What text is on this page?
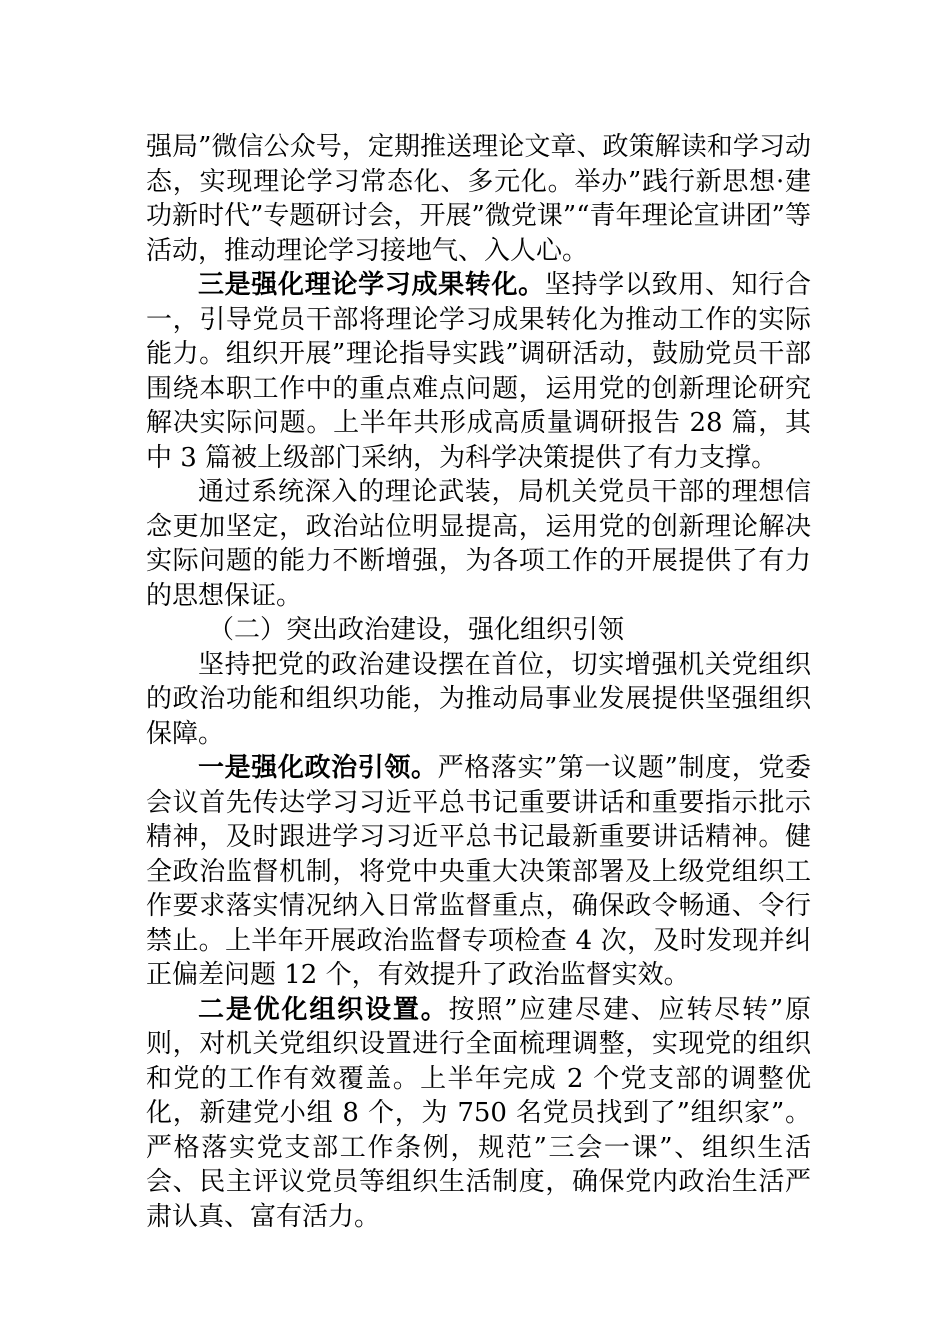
强局”微信公众号，定期推送理论文章、政策解读和学习动态，实现理论学习常态化、多元化。举办”践行新思想·建功新时代”专题研讨会，开展”微党课”“青年理论宣讲团”等活动，推动理论学习接地气、入人心。

三是强化理论学习成果转化。坚持学以致用、知行合一，引导党员干部将理论学习成果转化为推动工作的实际能力。组织开展”理论指导实践”调研活动，鼓励党员干部围绕本职工作中的重点难点问题，运用党的创新理论研究解决实际问题。上半年共形成高质量调研报告 28 篇，其中 3 篇被上级部门采纳，为科学决策提供了有力支撑。

通过系统深入的理论武装，局机关党员干部的理想信念更加坚定，政治站位明显提高，运用党的创新理论解决实际问题的能力不断增强，为各项工作的开展提供了有力的思想保证。

（二）突出政治建设，强化组织引领

坚持把党的政治建设摆在首位，切实增强机关党组织的政治功能和组织功能，为推动局事业发展提供坚强组织保障。

一是强化政治引领。严格落实”第一议题”制度，党委会议首先传达学习习近平总书记重要讲话和重要指示批示精神，及时跟进学习习近平总书记最新重要讲话精神。健全政治监督机制，将党中央重大决策部署及上级党组织工作要求落实情况纳入日常监督重点，确保政令畅通、令行禁止。上半年开展政治监督专项检查 4 次，及时发现并纠正偏差问题 12 个，有效提升了政治监督实效。

二是优化组织设置。按照”应建尽建、应转尽转”原则，对机关党组织设置进行全面梳理调整，实现党的组织和党的工作有效覆盖。上半年完成 2 个党支部的调整优化，新建党小组 8 个，为 750 名党员找到了”组织家”。严格落实党支部工作条例，规范”三会一课”、组织生活会、民主评议党员等组织生活制度，确保党内政治生活严肃认真、富有活力。
